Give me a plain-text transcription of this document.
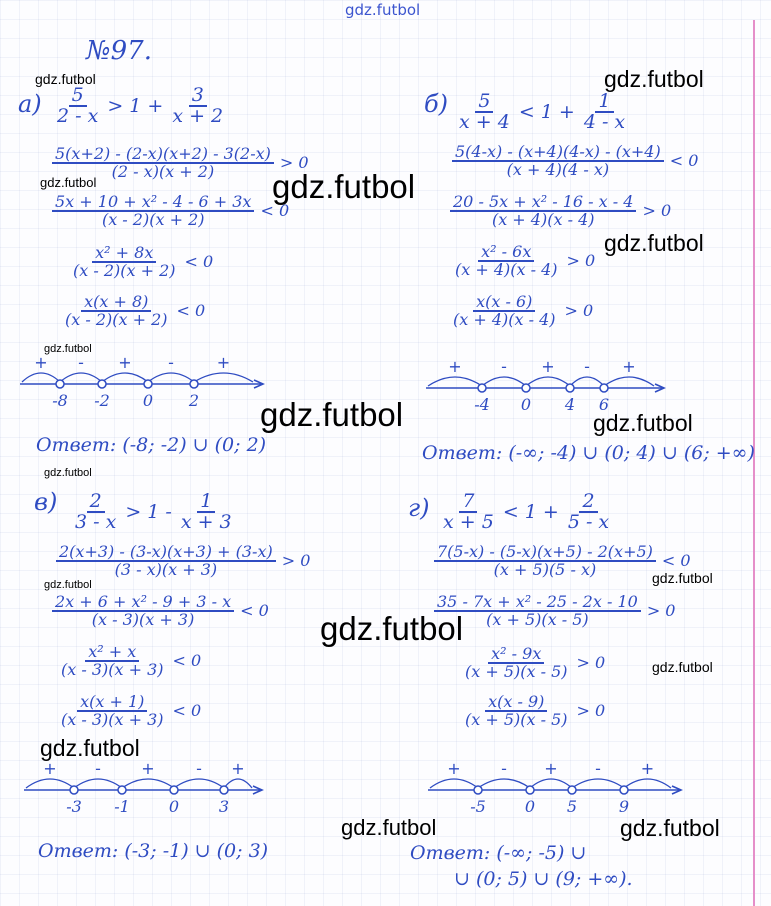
gdz.futbol
gdz.futbol	gdz.futbol
gdz.futbol	gdz.futbol
gdz.futbol
gdz.futbol
gdz.futbol	gdz.futbol
gdz.futbol
gdz.futbol	gdz.futbol
gdz.futbol
gdz.futbol
gdz.futbol
gdz.futbol	gdz.futbol
№97.
$а) \frac{5}{2 - x} > 1 + \frac{3}{x + 2}$
$\frac{5(x+2) - (2-x)(x+2) - 3(2-x)}{(2 - x)(x + 2)} > 0$
$\frac{\text{5x + 10 + x² - 4 - 6 + 3x}}{(x - 2)(x + 2)} < 0$
$\frac{\text{x² + 8x}}{(x - 2)(x + 2)} < 0$
$\frac{x(x + 8)}{(x - 2)(x + 2)} < 0$
+ - + -	+
-8 -2 0 2
Ответ: (-8; -2) ∪ (0; 2)
$б) \frac{5}{x + 4} < 1 + \frac{1}{4 - x}$
$\frac{5(4-x) - (x+4)(4-x) - (x+4)}{(x + 4)(4 - x)} < 0$
$\frac{\text{20 - 5x + x² - 16 - x - 4}}{(x + 4)(x - 4)} > 0$
$\frac{\text{x² - 6x}}{(x + 4)(x - 4)} > 0$
$\frac{x(x - 6)}{(x + 4)(x - 4)} > 0$
+ - + - +
-4 0 4 6
Ответ: (-∞; -4) ∪ (0; 4) ∪ (6; +∞)
$в) \frac{2}{3 - x} > 1 - \frac{1}{x + 3}$
$\frac{2(x+3) - (3-x)(x+3) + (3-x)}{(3 - x)(x + 3)} > 0$
$\frac{\text{2x + 6 + x² - 9 + 3 - x}}{(x - 3)(x + 3)} < 0$
$\frac{\text{x² + x}}{(x - 3)(x + 3)} < 0$
$\frac{x(x + 1)}{(x - 3)(x + 3)} < 0$
+ -	+	- +
-3 -1 0 3
Ответ: (-3; -1) ∪ (0; 3)
$г) \frac{7}{x + 5} < 1 + \frac{2}{5 - x}$
$\frac{7(5-x) - (5-x)(x+5) - 2(x+5)}{(x + 5)(5 - x)} < 0$
$\frac{\text{35 - 7x + x² - 25 - 2x - 10}}{(x + 5)(x - 5)} > 0$
$\frac{\text{x² - 9x}}{(x + 5)(x - 5)} > 0$
$\frac{x(x - 9)}{(x + 5)(x - 5)} > 0$
+	- + - +
-5 0 5	9
Ответ: (-∞; -5) ∪
∪ (0; 5) ∪ (9; +∞).
